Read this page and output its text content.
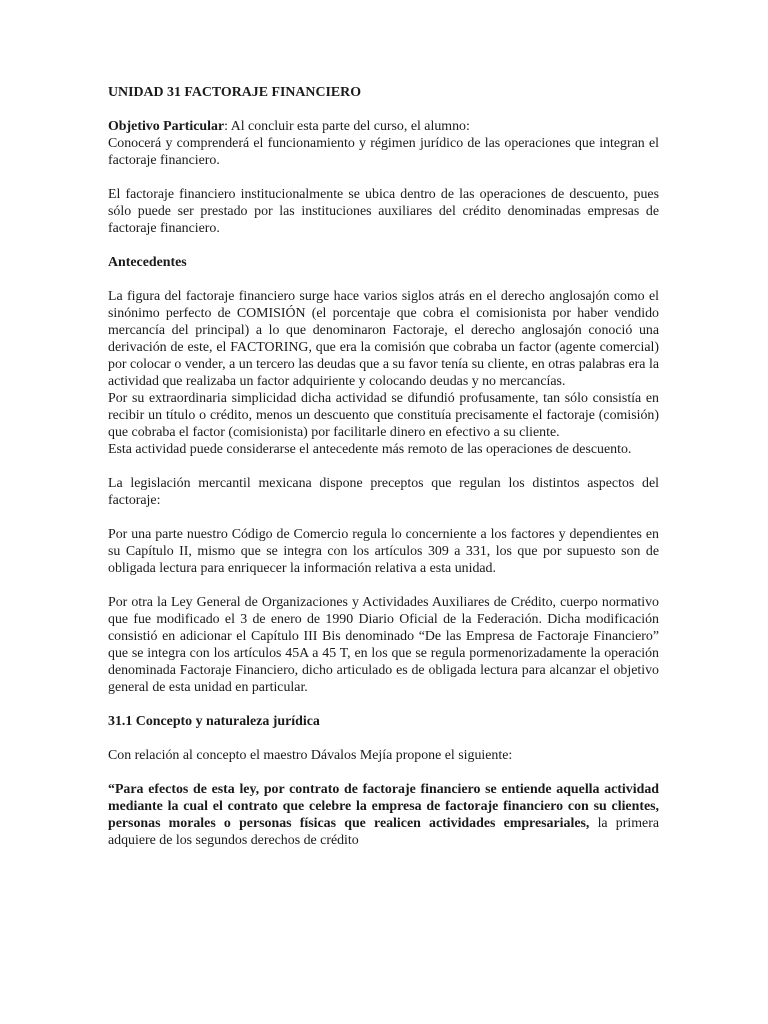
UNIDAD 31 FACTORAJE FINANCIERO

Objetivo Particular: Al concluir esta parte del curso, el alumno:

Conocerá y comprenderá el funcionamiento y régimen jurídico de las operaciones que integran el factoraje financiero.

El factoraje financiero institucionalmente se ubica dentro de las operaciones de descuento, pues sólo puede ser prestado por las instituciones auxiliares del crédito denominadas empresas de factoraje financiero.

Antecedentes

La figura del factoraje financiero surge hace varios siglos atrás en el derecho anglosajón como el sinónimo perfecto de COMISIÓN (el porcentaje que cobra el comisionista por haber vendido mercancía del principal) a lo que denominaron Factoraje, el derecho anglosajón conoció una derivación de este, el FACTORING, que era la comisión que cobraba un factor (agente comercial) por colocar o vender, a un tercero las deudas que a su favor tenía su cliente, en otras palabras era la actividad que realizaba un factor adquiriente y colocando deudas y no mercancías.

Por su extraordinaria simplicidad dicha actividad se difundió profusamente, tan sólo consistía en recibir un título o crédito, menos un descuento que constituía precisamente el factoraje (comisión) que cobraba el factor (comisionista) por facilitarle dinero en efectivo a su cliente.

Esta actividad puede considerarse el antecedente más remoto de las operaciones de descuento.

La legislación mercantil mexicana dispone preceptos que regulan los distintos aspectos del factoraje:

Por una parte nuestro Código de Comercio regula lo concerniente a los factores y dependientes en su Capítulo II, mismo que se integra con los artículos 309 a 331, los que por supuesto son de obligada lectura para enriquecer la información relativa a esta unidad.

Por otra la Ley General de Organizaciones y Actividades Auxiliares de Crédito, cuerpo normativo que fue modificado el 3 de enero de 1990 Diario Oficial de la Federación. Dicha modificación consistió en adicionar el Capítulo III Bis denominado “De las Empresa de Factoraje Financiero” que se integra con los artículos 45A a 45 T, en los que se regula pormenorizadamente la operación denominada Factoraje Financiero, dicho articulado es de obligada lectura para alcanzar el objetivo general de esta unidad en particular.

31.1 Concepto y naturaleza jurídica

Con relación al concepto el maestro Dávalos Mejía propone el siguiente:

“Para efectos de esta ley, por contrato de factoraje financiero se entiende aquella actividad mediante la cual el contrato que celebre la empresa de factoraje financiero con su clientes, personas morales o personas físicas que realicen actividades empresariales, la primera adquiere de los segundos derechos de crédito
